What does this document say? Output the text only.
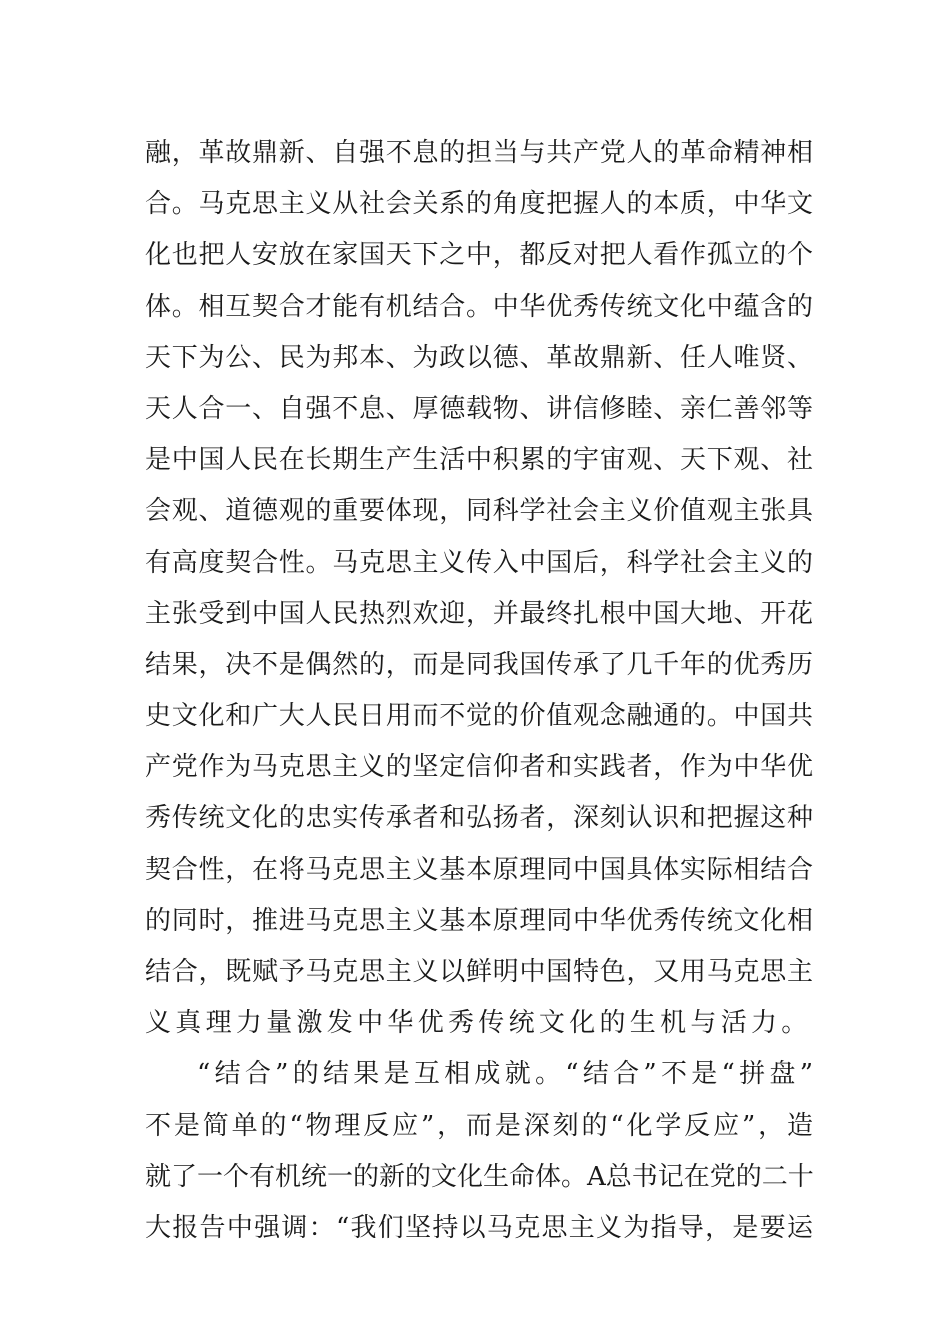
融，革故鼎新、自强不息的担当与共产党人的革命精神相
合。马克思主义从社会关系的角度把握人的本质，中华文
化也把人安放在家国天下之中，都反对把人看作孤立的个
体。相互契合才能有机结合。中华优秀传统文化中蕴含的
天下为公、民为邦本、为政以德、革故鼎新、任人唯贤、
天人合一、自强不息、厚德载物、讲信修睦、亲仁善邻等
是中国人民在长期生产生活中积累的宇宙观、天下观、社
会观、道德观的重要体现，同科学社会主义价值观主张具
有高度契合性。马克思主义传入中国后，科学社会主义的
主张受到中国人民热烈欢迎，并最终扎根中国大地、开花
结果，决不是偶然的，而是同我国传承了几千年的优秀历
史文化和广大人民日用而不觉的价值观念融通的。中国共
产党作为马克思主义的坚定信仰者和实践者，作为中华优
秀传统文化的忠实传承者和弘扬者，深刻认识和把握这种
契合性，在将马克思主义基本原理同中国具体实际相结合
的同时，推进马克思主义基本原理同中华优秀传统文化相
结合，既赋予马克思主义以鲜明中国特色，又用马克思主
义真理力量激发中华优秀传统文化的生机与活力。
“结合”的结果是互相成就。“结合”不是“拼盘”
不是简单的“物理反应”，而是深刻的“化学反应”，造
就了一个有机统一的新的文化生命体。A总书记在党的二十
大报告中强调：“我们坚持以马克思主义为指导，是要运
